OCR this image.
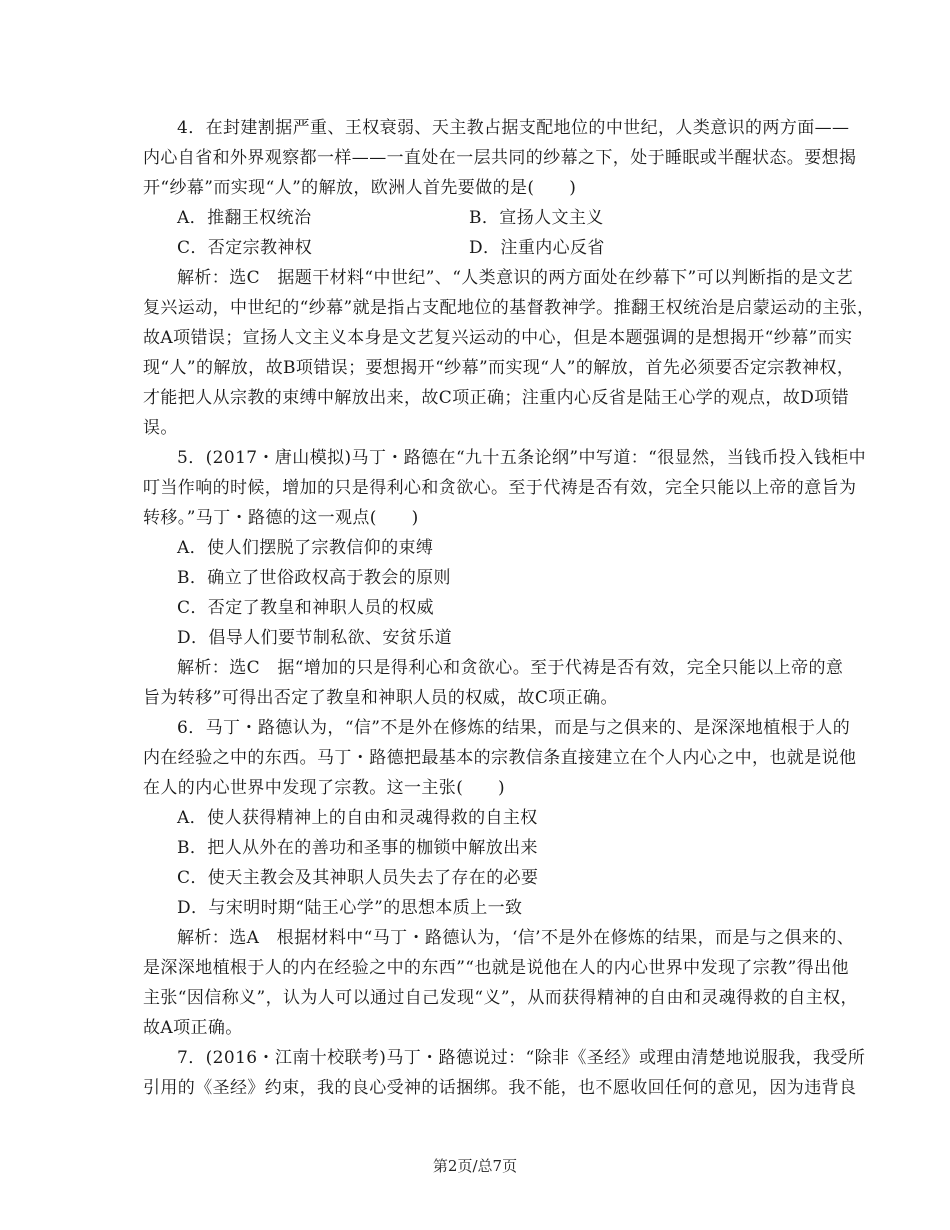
4．在封建割据严重、王权衰弱、天主教占据支配地位的中世纪，人类意识的两方面——
内心自省和外界观察都一样——一直处在一层共同的纱幕之下，处于睡眠或半醒状态。要想揭
开“纱幕”而实现“人”的解放，欧洲人首先要做的是(　　)
A．推翻王权统治	B．宣扬人文主义
C．否定宗教神权	D．注重内心反省
解析：选C　据题干材料“中世纪”、“人类意识的两方面处在纱幕下”可以判断指的是文艺
复兴运动，中世纪的“纱幕”就是指占支配地位的基督教神学。推翻王权统治是启蒙运动的主张，
故A项错误；宣扬人文主义本身是文艺复兴运动的中心，但是本题强调的是想揭开“纱幕”而实
现“人”的解放，故B项错误；要想揭开“纱幕”而实现“人”的解放，首先必须要否定宗教神权，
才能把人从宗教的束缚中解放出来，故C项正确；注重内心反省是陆王心学的观点，故D项错
误。
5．(2017・唐山模拟)马丁・路德在“九十五条论纲”中写道：“很显然，当钱币投入钱柜中
叮当作响的时候，增加的只是得利心和贪欲心。至于代祷是否有效，完全只能以上帝的意旨为
转移。”马丁・路德的这一观点(　　)
A．使人们摆脱了宗教信仰的束缚
B．确立了世俗政权高于教会的原则
C．否定了教皇和神职人员的权威
D．倡导人们要节制私欲、安贫乐道
解析：选C　据“增加的只是得利心和贪欲心。至于代祷是否有效，完全只能以上帝的意
旨为转移”可得出否定了教皇和神职人员的权威，故C项正确。
6．马丁・路德认为，“信”不是外在修炼的结果，而是与之俱来的、是深深地植根于人的
内在经验之中的东西。马丁・路德把最基本的宗教信条直接建立在个人内心之中，也就是说他
在人的内心世界中发现了宗教。这一主张(　　)
A．使人获得精神上的自由和灵魂得救的自主权
B．把人从外在的善功和圣事的枷锁中解放出来
C．使天主教会及其神职人员失去了存在的必要
D．与宋明时期“陆王心学”的思想本质上一致
解析：选A　根据材料中“马丁・路德认为，‘信’不是外在修炼的结果，而是与之俱来的、
是深深地植根于人的内在经验之中的东西”“也就是说他在人的内心世界中发现了宗教”得出他
主张“因信称义”，认为人可以通过自己发现“义”，从而获得精神的自由和灵魂得救的自主权，
故A项正确。
7．(2016・江南十校联考)马丁・路德说过：“除非《圣经》或理由清楚地说服我，我受所
引用的《圣经》约束，我的良心受神的话捆绑。我不能，也不愿收回任何的意见，因为违背良
第2页/总7页
